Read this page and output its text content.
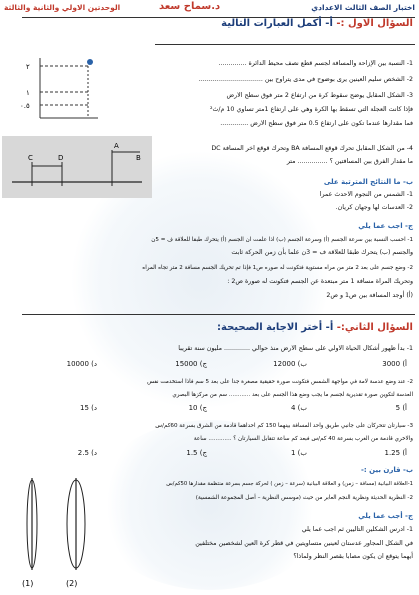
اختبار الصف الثالث الاعدادي
د.سماح سعد
الوحدتين الاولي والثانية والثالثة
السؤال الاول :- أ- أكمل العبارات التالية
٢
١
٠.٥
1- النسبة بين الإزاحة والمسافة لجسم قطع نصف محيط الدائرة ..............
2- الشخص سليم العينين يرى بوضوح في مدى يتراوح بين ................................
3- الشكل المقابل يوضح سقوط كرة من ارتفاع 2 متر فوق سطح الارض
فإذا كانت العجلة التي تسقط بها الكرة وهي على ارتفاع 1متر تساوي 10 م/ث²
فما مقدارها عندما تكون على ارتفاع 0.5 متر فوق سطح الارض ..............
A
B
C	D
4- من الشكل المقابل تحرك قوقع المسافة BA وتحرك قوقع اخر المسافة DC
ما مقدار الفرق بين المسافتين ؟ ............... متر
ب- ما النتائج المترتبة على
1- الشمس من النجوم الاحدث عمرا
2- العدسات لها وجهان كريان.
ج- اجب عما يلي
1- احسب النسبة بين سرعة الجسم (أ) وسرعة الجسم (ب) اذا علمت ان الجسم (أ) يتحرك طبقا للعلاقة ف = 5ن
والجسم (ب) يتحرك طبقا للعلاقة ف = 3ن علما بأن زمن الحركة ثابت
2- وضع جسم على بعد 2 متر من مراه مستوية فتكونت له صوره ص1 فإذا تم تحريك الجسم مسافة 2 متر تجاه المراه
وتحريك المراة مسافة 1 متر مبتعدة عن الجسم فتكونت له صورة ص2 :
(أ) أوجد المسافة بين ص1 و ص2
السؤال الثاني:- أ- أختر الاجابة الصحيحة:
1- بدأ ظهور أشكال الحياة الاولي على سطح الارض منذ حوالي ............. مليون سنة تقريبا
أ) 3000
ب) 12000
ج) 15000
د) 10000
2- عند وضع عدسة لامة في مواجهة الشمس فتكونت صورة حقيقية مصغرة جدا على بعد 5 سم فاذا استخدمت نفس
العدسة لتكوين صورة تقديرية لجسم ما يجب وضع هذا الجسم على بعد ............ سم من مركزها البصري
أ) 5
ب) 4
ج) 10
د) 15
3- سيارتان تتحركان على جانبي طريق واحد المسافة بينهما 150 كم احداهما قادمة من الشرق بسرعة 60كم/س
والاخري قادمة من الغرب بسرعة 40 كم/س فبعد كم ساعة تتقابل السيارتان ؟ ............. ساعة
أ) 1.25
ب) 1
ج) 1.5
د) 2.5
ب- قارن بين :-
1-العلاقة البيانية (مسافة – زمن) و العلاقة البيانية (سرعة – زمن ) لحركة جسم بسرعة منتظمة مقدارها 50كم/س
2- النظرية الحديثة ونظرية النجم العابر من حيث (موسس النظرية – أصل المجموعة الشمسية)
ج- أجب عما يلي
1- ادرس الشكلين التاليين ثم اجب عما يلي
في الشكل المجاور عدستان لعينين متساويتين في قطر كرة العين لشخصين مختلفين
أيهما يتوقع ان يكون مصابا بقصر النظر ولماذا؟
(1)	(2)
